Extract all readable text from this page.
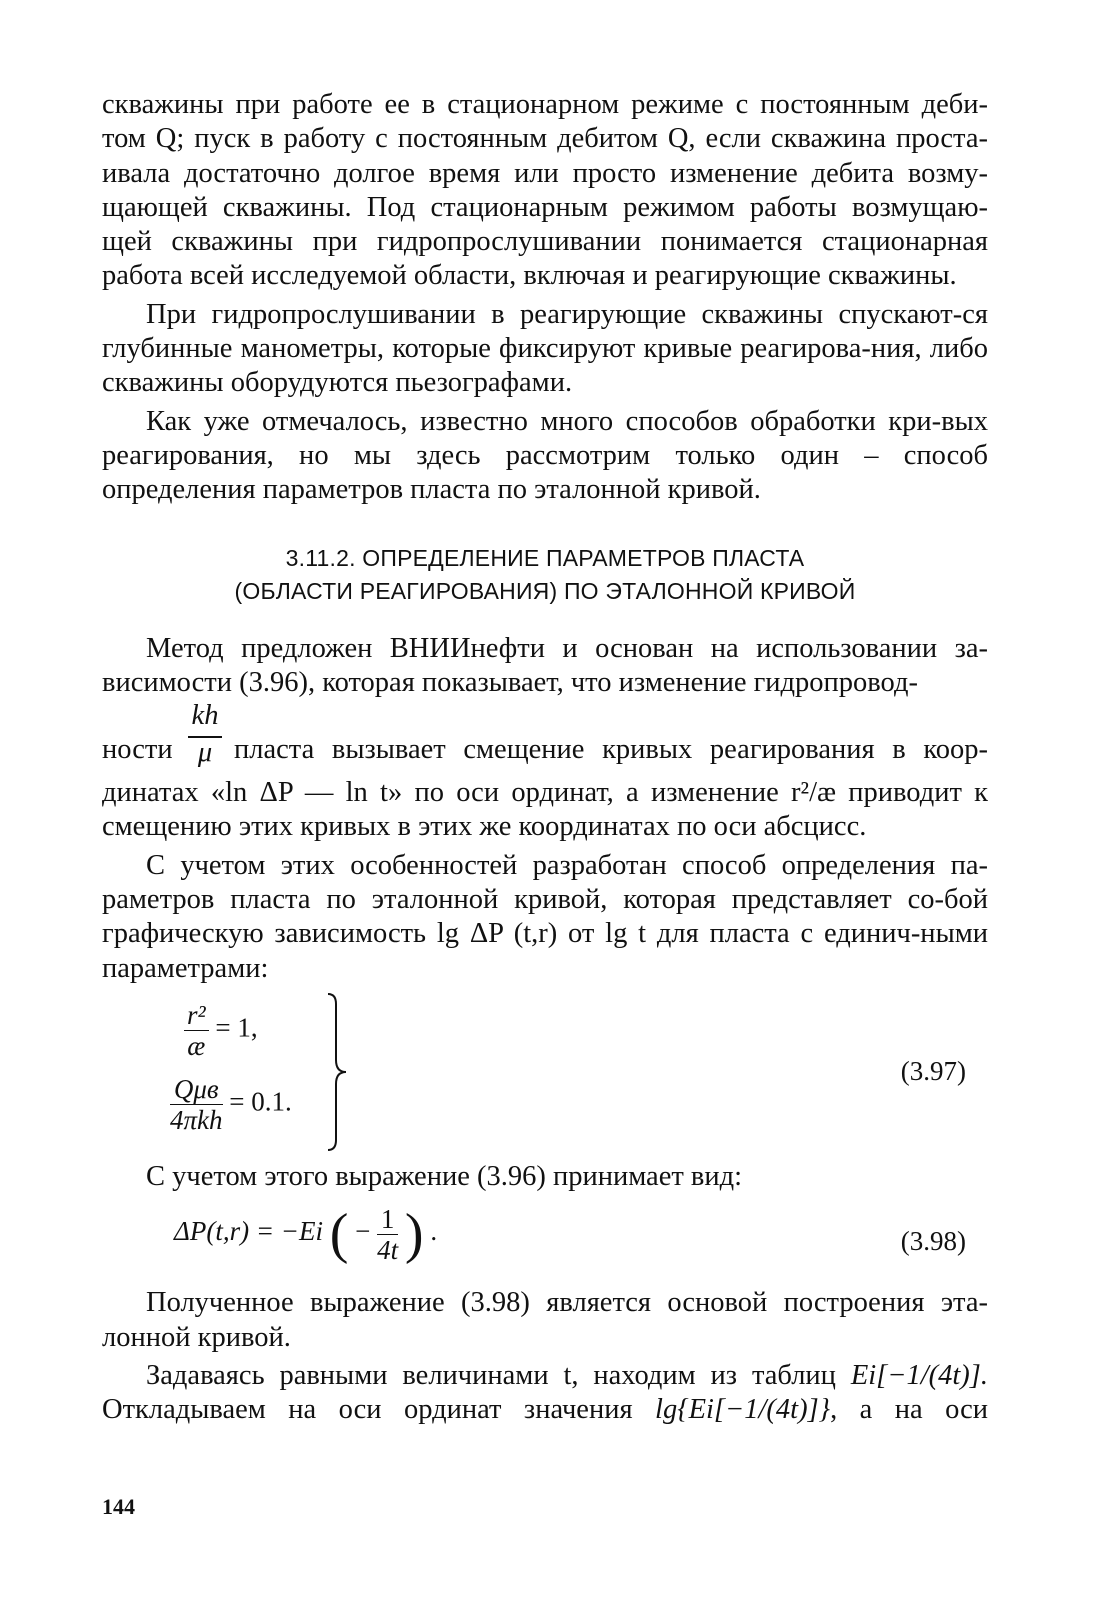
скважины при работе ее в стационарном режиме с постоянным деби-том Q; пуск в работу с постоянным дебитом Q, если скважина проста-ивала достаточно долгое время или просто изменение дебита возму-щающей скважины. Под стационарным режимом работы возмущаю-щей скважины при гидропрослушивании понимается стационарная работа всей исследуемой области, включая и реагирующие скважины.

При гидропрослушивании в реагирующие скважины спускают-ся глубинные манометры, которые фиксируют кривые реагирова-ния, либо скважины оборудуются пьезографами.

Как уже отмечалось, известно много способов обработки кри-вых реагирования, но мы здесь рассмотрим только один – способ определения параметров пласта по эталонной кривой.

3.11.2. ОПРЕДЕЛЕНИЕ ПАРАМЕТРОВ ПЛАСТА
(ОБЛАСТИ РЕАГИРОВАНИЯ) ПО ЭТАЛОННОЙ КРИВОЙ

Метод предложен ВНИИнефти и основан на использовании за-висимости (3.96), которая показывает, что изменение гидропровод-

ности
kh
μ пласта вызывает смещение кривых реагирования в коор-

динатах «ln ΔP — ln t» по оси ординат, а изменение r²/æ приводит к смещению этих кривых в этих же координатах по оси абсцисс.

С учетом этих особенностей разработан способ определения па-раметров пласта по эталонной кривой, которая представляет со-бой графическую зависимость lg ΔP (t,r) от lg t для пласта с единич-ными параметрами:

$\frac{\text{r²}}{æ} = 1$,
$\frac{\text{Qμв}}{\text{4πkh}} = 0.1$.
(3.97)

С учетом этого выражение (3.96) принимает вид:

ΔP(t,r) = −Ei ( − $\frac{1}{4t}$ ) .	(3.98)

Полученное выражение (3.98) является основой построения эта-лонной кривой.

Задаваясь равными величинами t, находим из таблиц Ei[−1/(4t)].

Откладываем на оси ординат значения lg{Ei[−1/(4t)]}, а на оси

144
